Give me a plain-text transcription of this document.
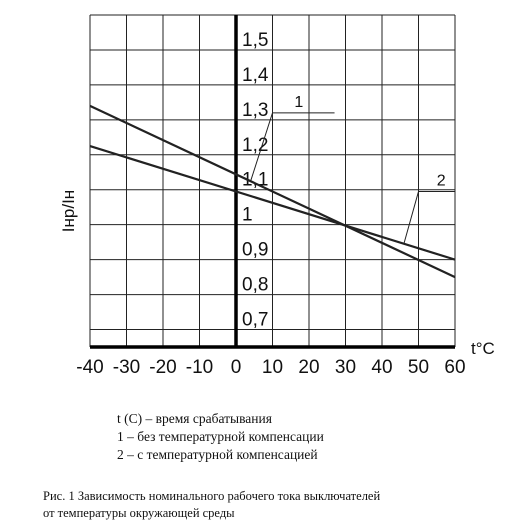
0,7
0,8
0,9
1
1,1
1,2
1,3
1,4
1,5
-40 -30 -20 -10 0 10 20 30 40 50 60
1
2
Iнр/Iн
t°C
t (C) – время срабатывания
1 – без температурной компенсации
2 – с температурной компенсацией
Рис. 1 Зависимость номинального рабочего тока выключателей
от температуры окружающей среды
